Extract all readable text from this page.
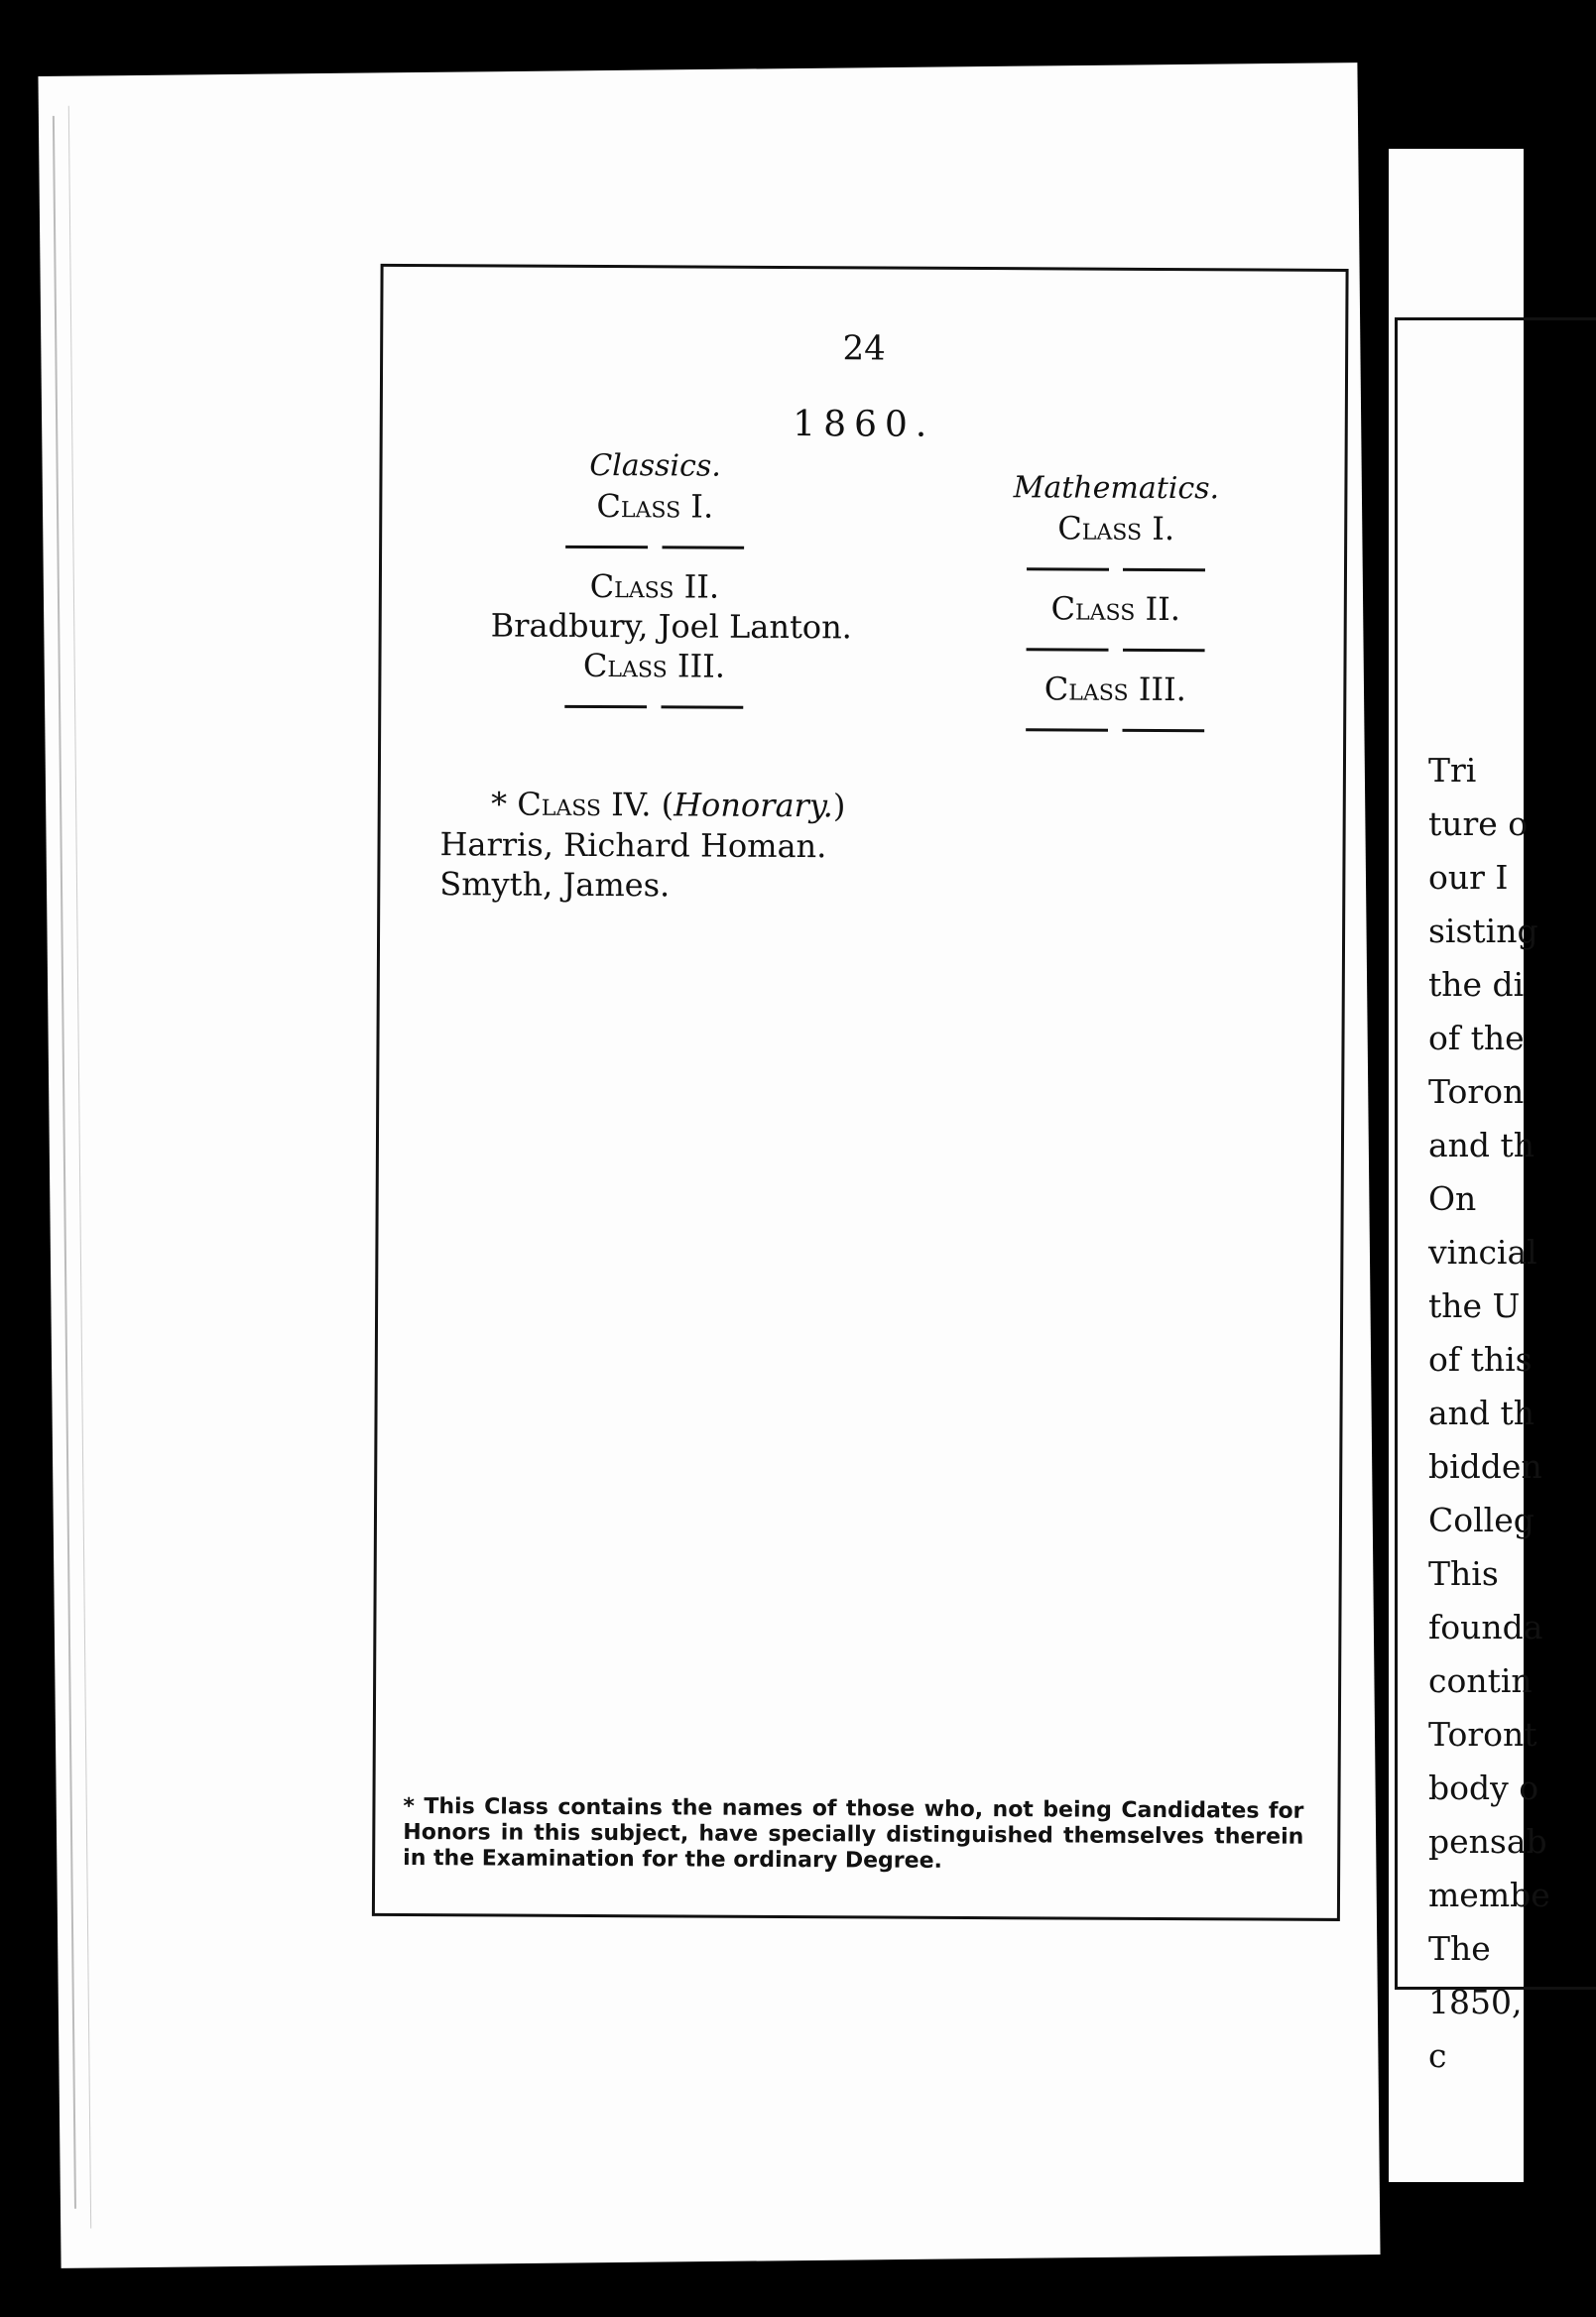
24
1860.
Classics.
Class I.
Class II.
Bradbury, Joel Lanton.
Class III.
* Class IV. (Honorary.)
Harris, Richard Homan.
Smyth, James.
Mathematics.
Class I.
Class II.
Class III.
* This Class contains the names of those who, not being Candidates for Honors in this subject, have specially distinguished themselves therein in the Examination for the ordinary Degree.
Tri
ture o
our I
sisting
the di
of the
Toron
and th
On
vincial
the U
of this
and th
bidden
Colleg
This
founda
contin
Toront
body o
pensab
membe
The
1850,
c
